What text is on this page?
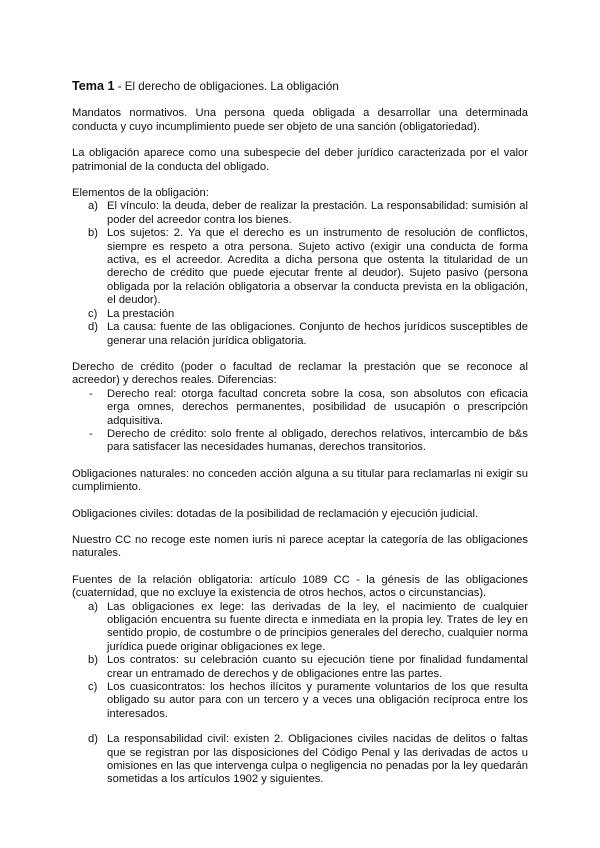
Tema 1 - El derecho de obligaciones. La obligación

Mandatos normativos. Una persona queda obligada a desarrollar una determinada conducta y cuyo incumplimiento puede ser objeto de una sanción (obligatoriedad).

La obligación aparece como una subespecie del deber jurídico caracterizada por el valor patrimonial de la conducta del obligado.

Elementos de la obligación:

a) El vínculo: la deuda, deber de realizar la prestación. La responsabilidad: sumisión al poder del acreedor contra los bienes.
b) Los sujetos: 2. Ya que el derecho es un instrumento de resolución de conflictos, siempre es respeto a otra persona. Sujeto activo (exigir una conducta de forma activa, es el acreedor. Acredita a dicha persona que ostenta la titularidad de un derecho de crédito que puede ejecutar frente al deudor). Sujeto pasivo (persona obligada por la relación obligatoria a observar la conducta prevista en la obligación, el deudor).
c) La prestación
d) La causa: fuente de las obligaciones. Conjunto de hechos jurídicos susceptibles de generar una relación jurídica obligatoria.

Derecho de crédito (poder o facultad de reclamar la prestación que se reconoce al acreedor) y derechos reales. Diferencias:

- Derecho real: otorga facultad concreta sobre la cosa, son absolutos con eficacia erga omnes, derechos permanentes, posibilidad de usucapión o prescripción adquisitiva.
- Derecho de crédito: solo frente al obligado, derechos relativos, intercambio de b&s para satisfacer las necesidades humanas, derechos transitorios.

Obligaciones naturales: no conceden acción alguna a su titular para reclamarlas ni exigir su cumplimiento.

Obligaciones civiles: dotadas de la posibilidad de reclamación y ejecución judicial.

Nuestro CC no recoge este nomen iuris ni parece aceptar la categoría de las obligaciones naturales.

Fuentes de la relación obligatoria: artículo 1089 CC - la génesis de las obligaciones (cuaternidad, que no excluye la existencia de otros hechos, actos o circunstancias).

a) Las obligaciones ex lege: las derivadas de la ley, el nacimiento de cualquier obligación encuentra su fuente directa e inmediata en la propia ley. Trates de ley en sentido propio, de costumbre o de principios generales del derecho, cualquier norma jurídica puede originar obligaciones ex lege.
b) Los contratos: su celebración cuanto su ejecución tiene por finalidad fundamental crear un entramado de derechos y de obligaciones entre las partes.
c) Los cuasicontratos: los hechos ilícitos y puramente voluntarios de los que resulta obligado su autor para con un tercero y a veces una obligación recíproca entre los interesados.
d) La responsabilidad civil: existen 2. Obligaciones civiles nacidas de delitos o faltas que se registran por las disposiciones del Código Penal y las derivadas de actos u omisiones en las que intervenga culpa o negligencia no penadas por la ley quedarán sometidas a los artículos 1902 y siguientes.
